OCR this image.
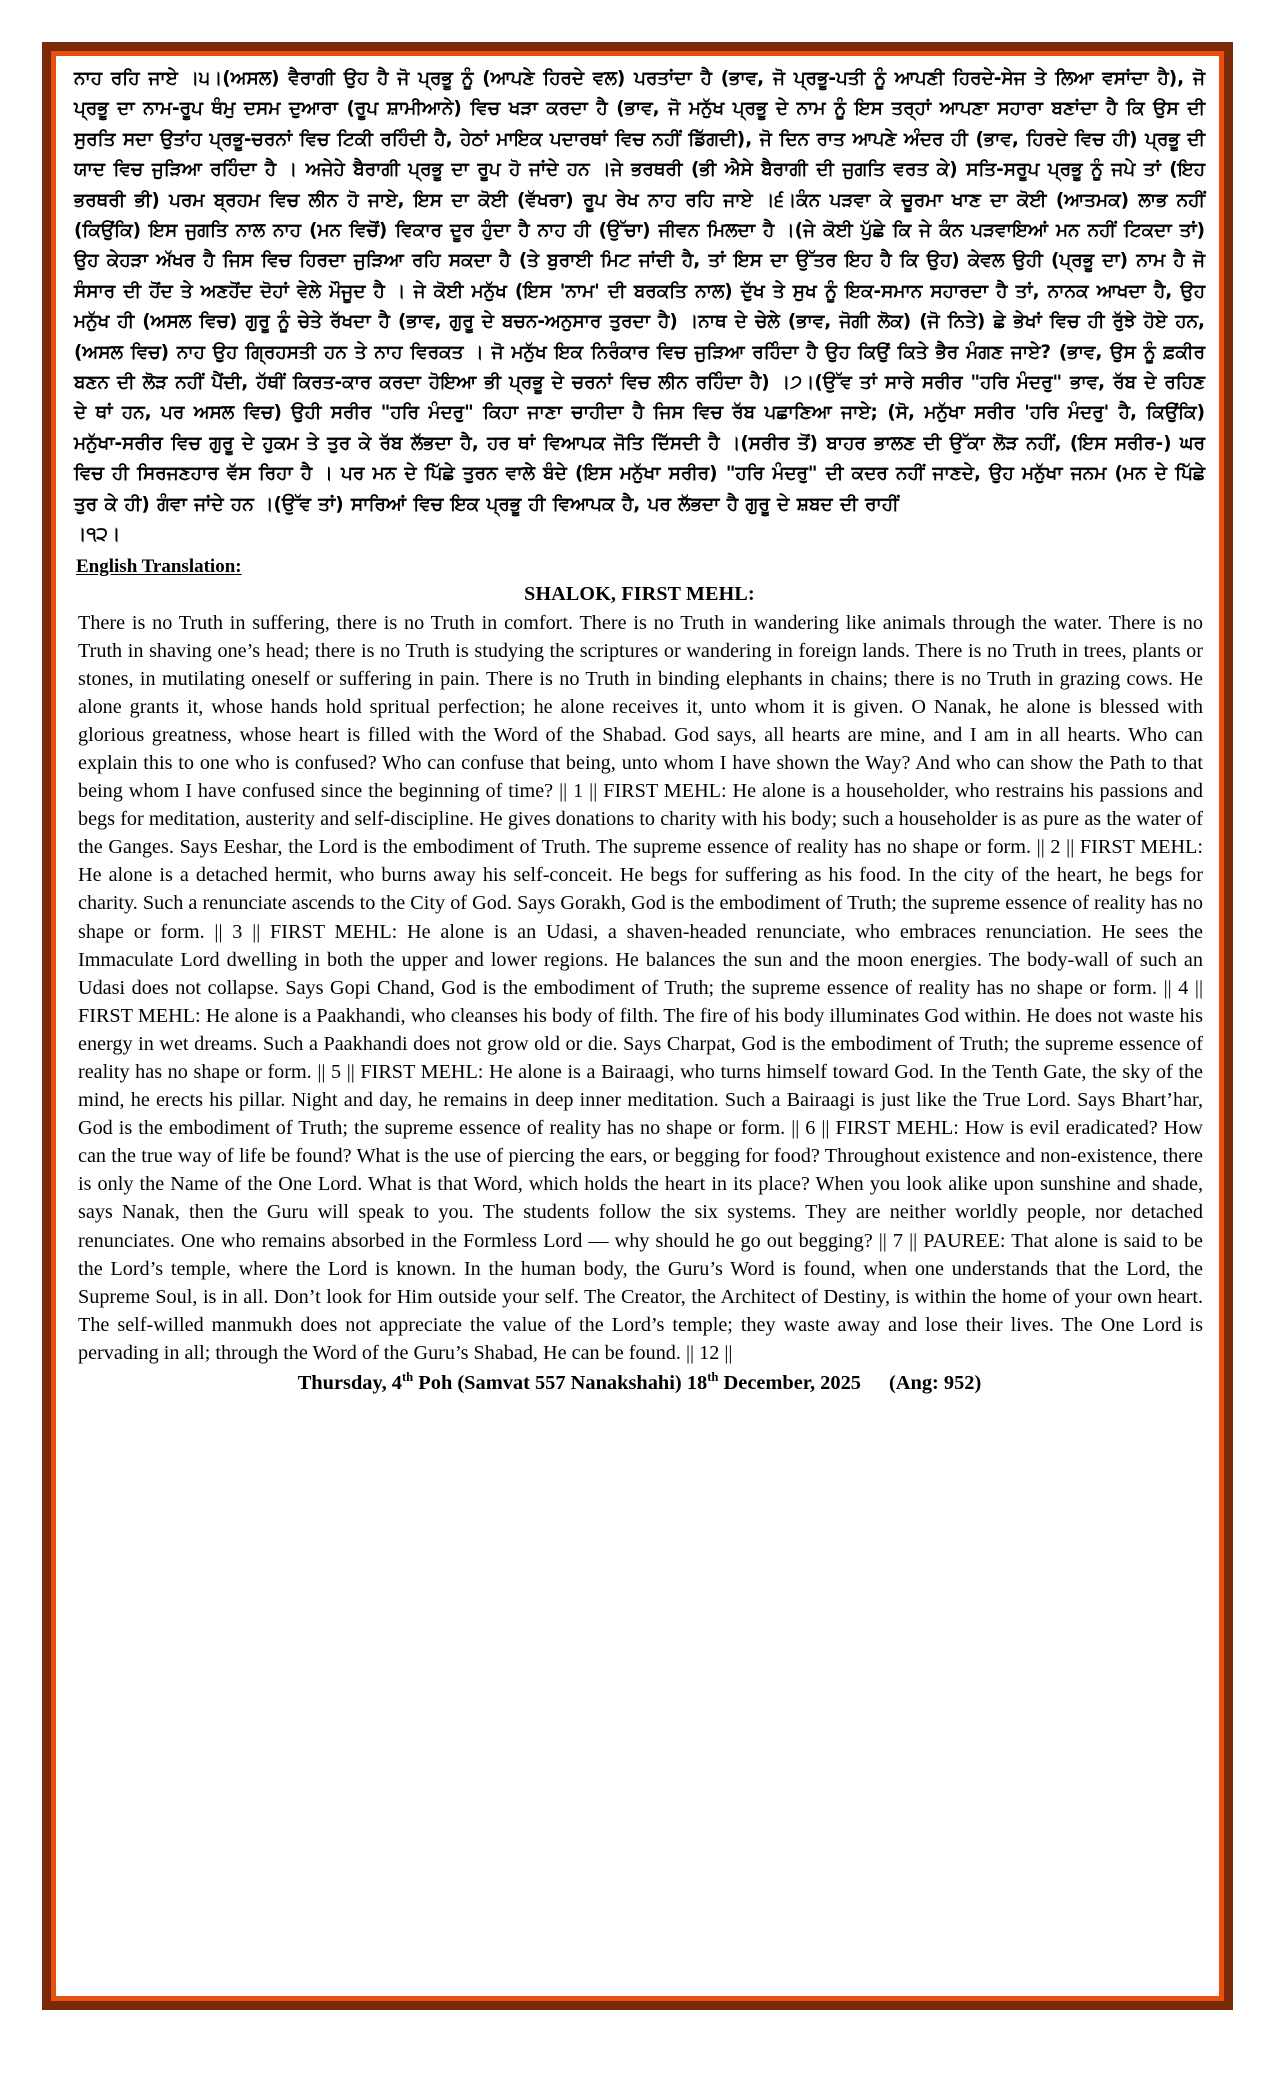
ਨਾਹ ਰਹਿ ਜਾਏ ।੫।(ਅਸਲ) ਵੈਰਾਗੀ ਉਹ ਹੈ ਜੋ ਪ੍ਰਭੂ ਨੂੰ (ਆਪਣੇ ਹਿਰਦੇ ਵਲ) ਪਰਤਾਂਦਾ ਹੈ (ਭਾਵ, ਜੋ ਪ੍ਰਭੂ-ਪਤੀ ਨੂੰ ਆਪਣੀ ਹਿਰਦੇ-ਸੇਜ ਤੇ ਲਿਆ ਵਸਾਂਦਾ ਹੈ), ਜੋ ਪ੍ਰਭੂ ਦਾ ਨਾਮ-ਰੂਪ ਥੰਮੁ ਦਸਮ ਦੁਆਰਾ (ਰੂਪ ਸ਼ਾਮੀਆਨੇ) ਵਿਚ ਖੜਾ ਕਰਦਾ ਹੈ (ਭਾਵ, ਜੋ ਮਨੁੱਖ ਪ੍ਰਭੂ ਦੇ ਨਾਮ ਨੂੰ ਇਸ ਤਰ੍ਹਾਂ ਆਪਣਾ ਸਹਾਰਾ ਬਣਾਂਦਾ ਹੈ ਕਿ ਉਸ ਦੀ ਸੁਰਤਿ ਸਦਾ ਉਤਾਂਹ ਪ੍ਰਭੂ-ਚਰਨਾਂ ਵਿਚ ਟਿਕੀ ਰਹਿੰਦੀ ਹੈ, ਹੇਠਾਂ ਮਾਇਕ ਪਦਾਰਥਾਂ ਵਿਚ ਨਹੀਂ ਡਿੱਗਦੀ), ਜੋ ਦਿਨ ਰਾਤ ਆਪਣੇ ਅੰਦਰ ਹੀ (ਭਾਵ, ਹਿਰਦੇ ਵਿਚ ਹੀ) ਪ੍ਰਭੂ ਦੀ ਯਾਦ ਵਿਚ ਜੁੜਿਆ ਰਹਿੰਦਾ ਹੈ । ਅਜੇਹੇ ਬੈਰਾਗੀ ਪ੍ਰਭੂ ਦਾ ਰੂਪ ਹੋ ਜਾਂਦੇ ਹਨ ।ਜੇ ਭਰਥਰੀ (ਭੀ ਐਸੇ ਬੈਰਾਗੀ ਦੀ ਜੁਗਤਿ ਵਰਤ ਕੇ) ਸਤਿ-ਸਰੂਪ ਪ੍ਰਭੂ ਨੂੰ ਜਪੇ ਤਾਂ (ਇਹ ਭਰਥਰੀ ਭੀ) ਪਰਮ ਬ੍ਰਹਮ ਵਿਚ ਲੀਨ ਹੋ ਜਾਏ, ਇਸ ਦਾ ਕੋਈ (ਵੱਖਰਾ) ਰੂਪ ਰੇਖ ਨਾਹ ਰਹਿ ਜਾਏ ।੬।ਕੰਨ ਪੜਵਾ ਕੇ ਚੂਰਮਾ ਖਾਣ ਦਾ ਕੋਈ (ਆਤਮਕ) ਲਾਭ ਨਹੀਂ (ਕਿਉਂਕਿ) ਇਸ ਜੁਗਤਿ ਨਾਲ ਨਾਹ (ਮਨ ਵਿਚੋਂ) ਵਿਕਾਰ ਦੂਰ ਹੁੰਦਾ ਹੈ ਨਾਹ ਹੀ (ਉੱਚਾ) ਜੀਵਨ ਮਿਲਦਾ ਹੈ ।(ਜੇ ਕੋਈ ਪੁੱਛੇ ਕਿ ਜੇ ਕੰਨ ਪੜਵਾਇਆਂ ਮਨ ਨਹੀਂ ਟਿਕਦਾ ਤਾਂ) ਉਹ ਕੇਹੜਾ ਅੱਖਰ ਹੈ ਜਿਸ ਵਿਚ ਹਿਰਦਾ ਜੁੜਿਆ ਰਹਿ ਸਕਦਾ ਹੈ (ਤੇ ਬੁਰਾਈ ਮਿਟ ਜਾਂਦੀ ਹੈ, ਤਾਂ ਇਸ ਦਾ ਉੱਤਰ ਇਹ ਹੈ ਕਿ ਉਹ) ਕੇਵਲ ਉਹੀ (ਪ੍ਰਭੂ ਦਾ) ਨਾਮ ਹੈ ਜੋ ਸੰਸਾਰ ਦੀ ਹੋਂਦ ਤੇ ਅਣਹੋਂਦ ਦੋਹਾਂ ਵੇਲੇ ਮੌਜੂਦ ਹੈ । ਜੇ ਕੋਈ ਮਨੁੱਖ (ਇਸ 'ਨਾਮ' ਦੀ ਬਰਕਤਿ ਨਾਲ) ਦੁੱਖ ਤੇ ਸੁਖ ਨੂੰ ਇਕ-ਸਮਾਨ ਸਹਾਰਦਾ ਹੈ ਤਾਂ, ਨਾਨਕ ਆਖਦਾ ਹੈ, ਉਹ ਮਨੁੱਖ ਹੀ (ਅਸਲ ਵਿਚ) ਗੁਰੂ ਨੂੰ ਚੇਤੇ ਰੱਖਦਾ ਹੈ (ਭਾਵ, ਗੁਰੂ ਦੇ ਬਚਨ-ਅਨੁਸਾਰ ਤੁਰਦਾ ਹੈ) ।ਨਾਥ ਦੇ ਚੇਲੇ (ਭਾਵ, ਜੋਗੀ ਲੋਕ) (ਜੋ ਨਿਤੇ) ਛੇ ਭੇਖਾਂ ਵਿਚ ਹੀ ਰੁੱਝੇ ਹੋਏ ਹਨ, (ਅਸਲ ਵਿਚ) ਨਾਹ ਉਹ ਗ੍ਰਿਹਸਤੀ ਹਨ ਤੇ ਨਾਹ ਵਿਰਕਤ । ਜੋ ਮਨੁੱਖ ਇਕ ਨਿਰੰਕਾਰ ਵਿਚ ਜੁੜਿਆ ਰਹਿੰਦਾ ਹੈ ਉਹ ਕਿਉਂ ਕਿਤੇ ਭੈਰ ਮੰਗਣ ਜਾਏ? (ਭਾਵ, ਉਸ ਨੂੰ ਫ਼ਕੀਰ ਬਣਨ ਦੀ ਲੋੜ ਨਹੀਂ ਪੈਂਦੀ, ਹੱਥੀਂ ਕਿਰਤ-ਕਾਰ ਕਰਦਾ ਹੋਇਆ ਭੀ ਪ੍ਰਭੂ ਦੇ ਚਰਨਾਂ ਵਿਚ ਲੀਨ ਰਹਿੰਦਾ ਹੈ) ।੭।(ਉੱਵ ਤਾਂ ਸਾਰੇ ਸਰੀਰ "ਹਰਿ ਮੰਦਰੁ" ਭਾਵ, ਰੱਬ ਦੇ ਰਹਿਣ ਦੇ ਥਾਂ ਹਨ, ਪਰ ਅਸਲ ਵਿਚ) ਉਹੀ ਸਰੀਰ "ਹਰਿ ਮੰਦਰੁ" ਕਿਹਾ ਜਾਣਾ ਚਾਹੀਦਾ ਹੈ ਜਿਸ ਵਿਚ ਰੱਬ ਪਛਾਣਿਆ ਜਾਏ; (ਸੋ, ਮਨੁੱਖਾ ਸਰੀਰ 'ਹਰਿ ਮੰਦਰੁ' ਹੈ, ਕਿਉਂਕਿ) ਮਨੁੱਖਾ-ਸਰੀਰ ਵਿਚ ਗੁਰੂ ਦੇ ਹੁਕਮ ਤੇ ਤੁਰ ਕੇ ਰੱਬ ਲੱਭਦਾ ਹੈ, ਹਰ ਥਾਂ ਵਿਆਪਕ ਜੋਤਿ ਦਿੱਸਦੀ ਹੈ ।(ਸਰੀਰ ਤੋਂ) ਬਾਹਰ ਭਾਲਣ ਦੀ ਉੱਕਾ ਲੋੜ ਨਹੀਂ, (ਇਸ ਸਰੀਰ-) ਘਰ ਵਿਚ ਹੀ ਸਿਰਜਣਹਾਰ ਵੱਸ ਰਿਹਾ ਹੈ । ਪਰ ਮਨ ਦੇ ਪਿੱਛੇ ਤੁਰਨ ਵਾਲੇ ਬੰਦੇ (ਇਸ ਮਨੁੱਖਾ ਸਰੀਰ) "ਹਰਿ ਮੰਦਰੁ" ਦੀ ਕਦਰ ਨਹੀਂ ਜਾਣਦੇ, ਉਹ ਮਨੁੱਖਾ ਜਨਮ (ਮਨ ਦੇ ਪਿੱਛੇ ਤੁਰ ਕੇ ਹੀ) ਗੰਵਾ ਜਾਂਦੇ ਹਨ ।(ਉੱਵ ਤਾਂ) ਸਾਰਿਆਂ ਵਿਚ ਇਕ ਪ੍ਰਭੂ ਹੀ ਵਿਆਪਕ ਹੈ, ਪਰ ਲੱਭਦਾ ਹੈ ਗੁਰੂ ਦੇ ਸ਼ਬਦ ਦੀ ਰਾਹੀਂ

।੧੨।

English Translation:
SHALOK, FIRST MEHL:

There is no Truth in suffering, there is no Truth in comfort. There is no Truth in wandering like animals through the water. There is no Truth in shaving one’s head; there is no Truth is studying the scriptures or wandering in foreign lands. There is no Truth in trees, plants or stones, in mutilating oneself or suffering in pain. There is no Truth in binding elephants in chains; there is no Truth in grazing cows. He alone grants it, whose hands hold spritual perfection; he alone receives it, unto whom it is given. O Nanak, he alone is blessed with glorious greatness, whose heart is filled with the Word of the Shabad. God says, all hearts are mine, and I am in all hearts. Who can explain this to one who is confused? Who can confuse that being, unto whom I have shown the Way? And who can show the Path to that being whom I have confused since the beginning of time? || 1 || FIRST MEHL: He alone is a householder, who restrains his passions and begs for meditation, austerity and self-discipline. He gives donations to charity with his body; such a householder is as pure as the water of the Ganges. Says Eeshar, the Lord is the embodiment of Truth. The supreme essence of reality has no shape or form. || 2 || FIRST MEHL: He alone is a detached hermit, who burns away his self-conceit. He begs for suffering as his food. In the city of the heart, he begs for charity. Such a renunciate ascends to the City of God. Says Gorakh, God is the embodiment of Truth; the supreme essence of reality has no shape or form. || 3 || FIRST MEHL: He alone is an Udasi, a shaven-headed renunciate, who embraces renunciation. He sees the Immaculate Lord dwelling in both the upper and lower regions. He balances the sun and the moon energies. The body-wall of such an Udasi does not collapse. Says Gopi Chand, God is the embodiment of Truth; the supreme essence of reality has no shape or form. || 4 || FIRST MEHL: He alone is a Paakhandi, who cleanses his body of filth. The fire of his body illuminates God within. He does not waste his energy in wet dreams. Such a Paakhandi does not grow old or die. Says Charpat, God is the embodiment of Truth; the supreme essence of reality has no shape or form. || 5 || FIRST MEHL: He alone is a Bairaagi, who turns himself toward God. In the Tenth Gate, the sky of the mind, he erects his pillar. Night and day, he remains in deep inner meditation. Such a Bairaagi is just like the True Lord. Says Bhart’har, God is the embodiment of Truth; the supreme essence of reality has no shape or form. || 6 || FIRST MEHL: How is evil eradicated? How can the true way of life be found? What is the use of piercing the ears, or begging for food? Throughout existence and non-existence, there is only the Name of the One Lord. What is that Word, which holds the heart in its place? When you look alike upon sunshine and shade, says Nanak, then the Guru will speak to you. The students follow the six systems. They are neither worldly people, nor detached renunciates. One who remains absorbed in the Formless Lord — why should he go out begging? || 7 || PAUREE: That alone is said to be the Lord’s temple, where the Lord is known. In the human body, the Guru’s Word is found, when one understands that the Lord, the Supreme Soul, is in all. Don’t look for Him outside your self. The Creator, the Architect of Destiny, is within the home of your own heart. The self-willed manmukh does not appreciate the value of the Lord’s temple; they waste away and lose their lives. The One Lord is pervading in all; through the Word of the Guru’s Shabad, He can be found. || 12 ||

Thursday, 4th Poh (Samvat 557 Nanakshahi) 18th December, 2025 (Ang: 952)
